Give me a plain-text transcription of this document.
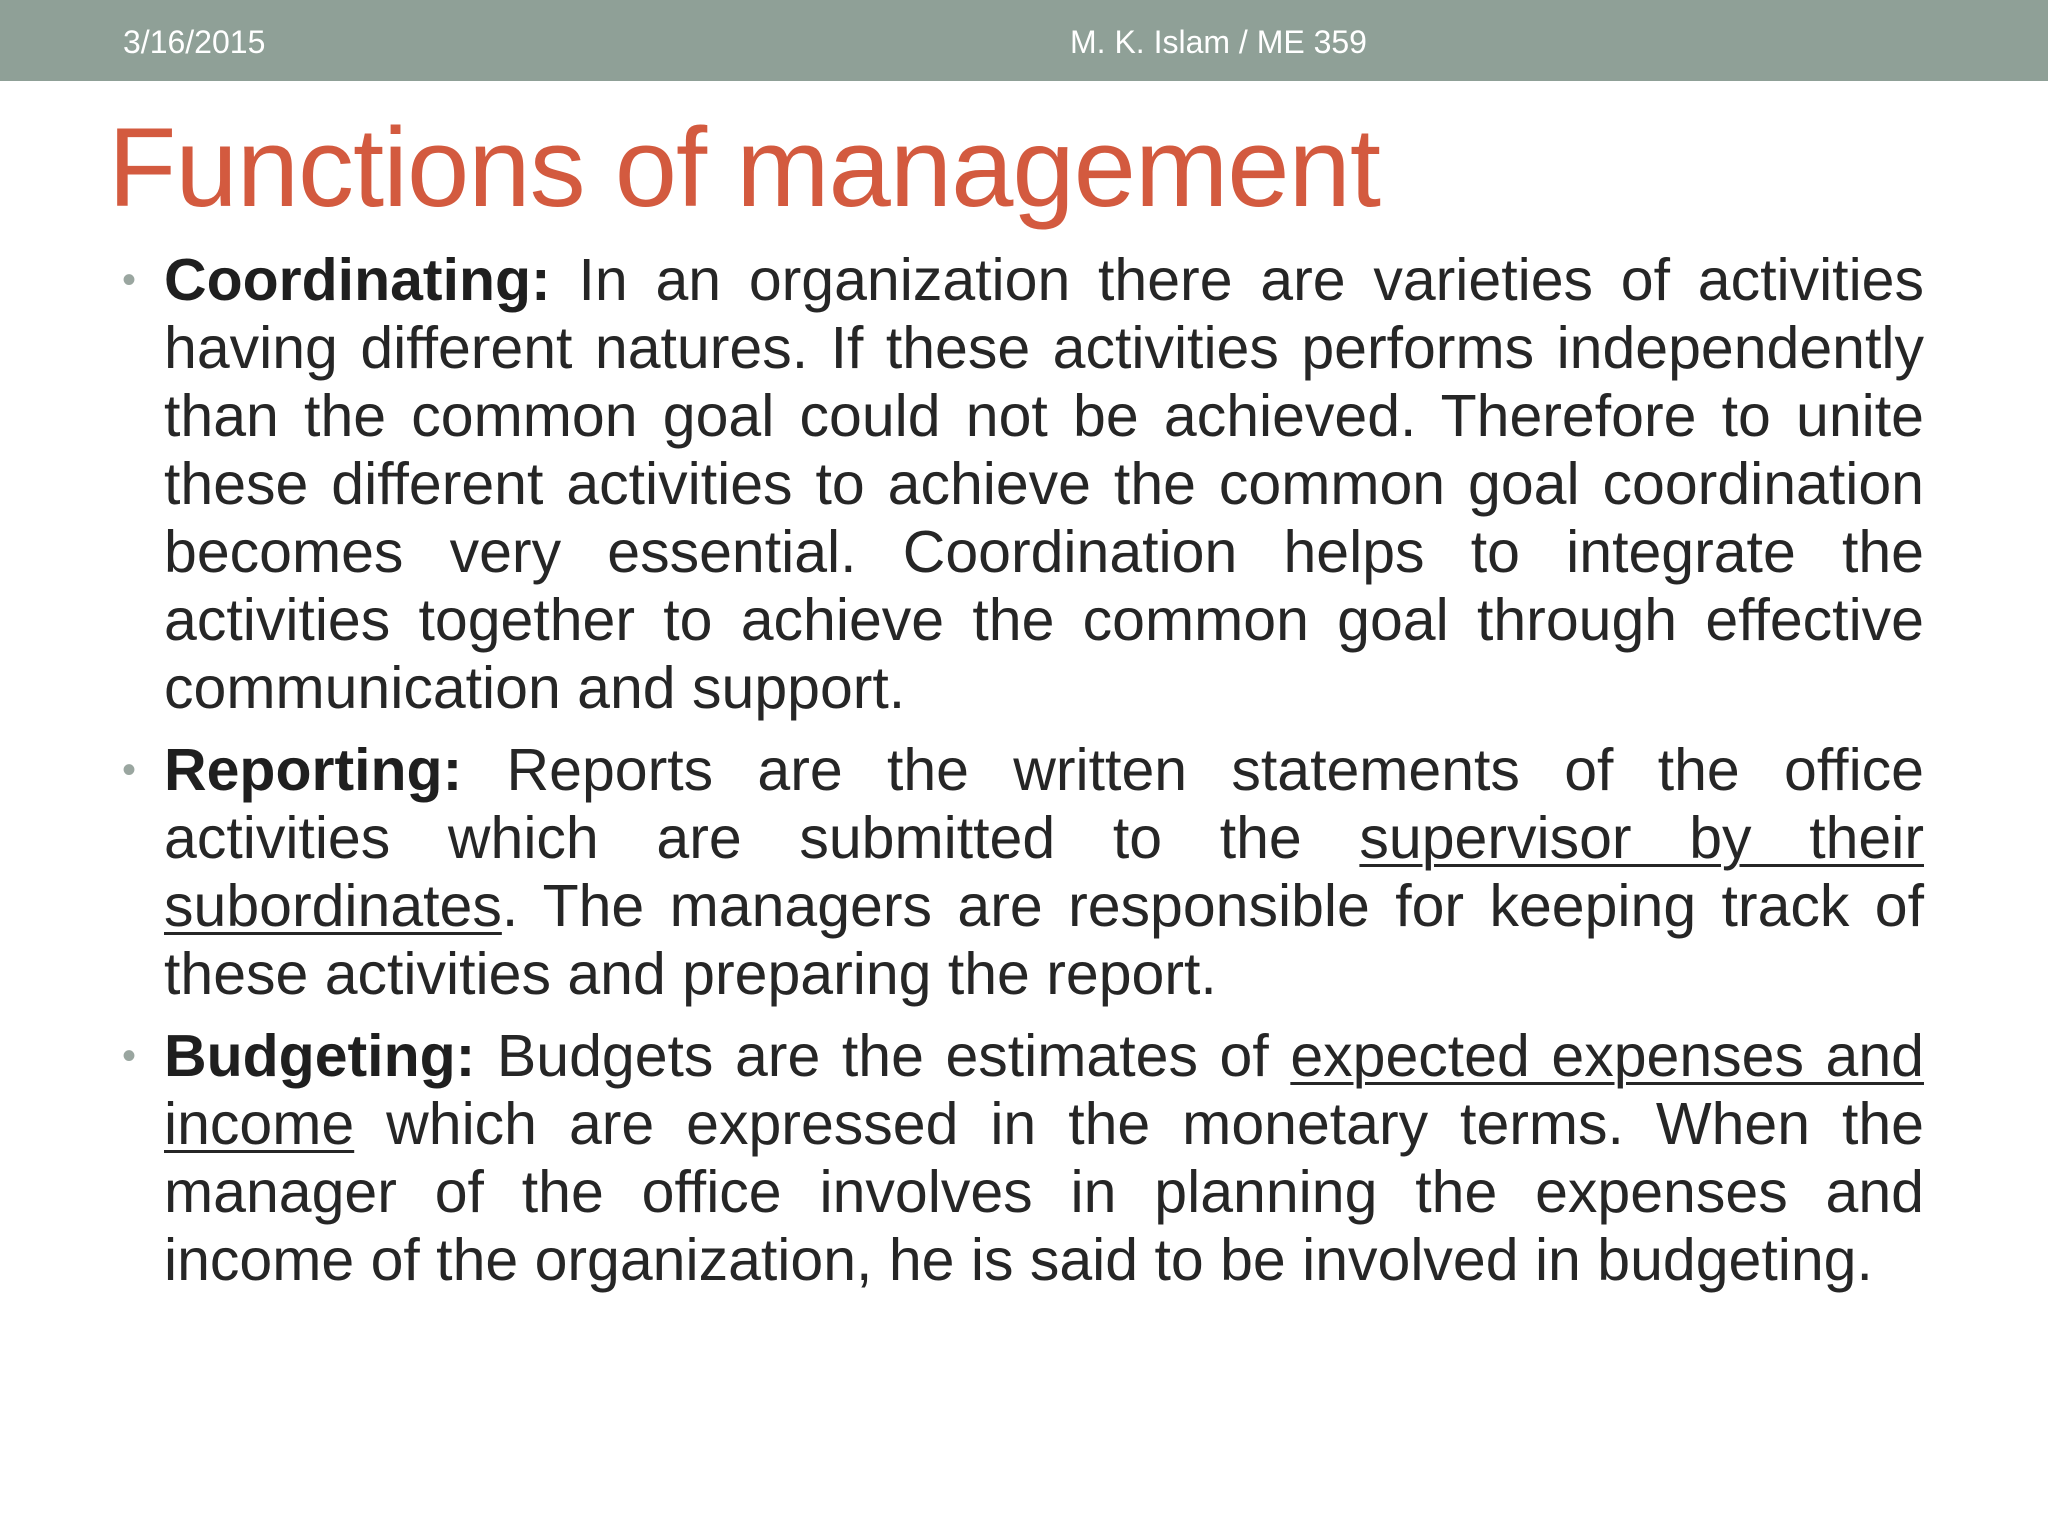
3/16/2015	M. K. Islam / ME 359
Functions of management

• Coordinating: In an organization there are varieties of activities having different natures. If these activities performs independently than the common goal could not be achieved. Therefore to unite these different activities to achieve the common goal coordination becomes very essential. Coordination helps to integrate the activities together to achieve the common goal through effective communication and support.

• Reporting: Reports are the written statements of the office activities which are submitted to the supervisor by their subordinates. The managers are responsible for keeping track of these activities and preparing the report.

• Budgeting: Budgets are the estimates of expected expenses and income which are expressed in the monetary terms. When the manager of the office involves in planning the expenses and income of the organization, he is said to be involved in budgeting.
